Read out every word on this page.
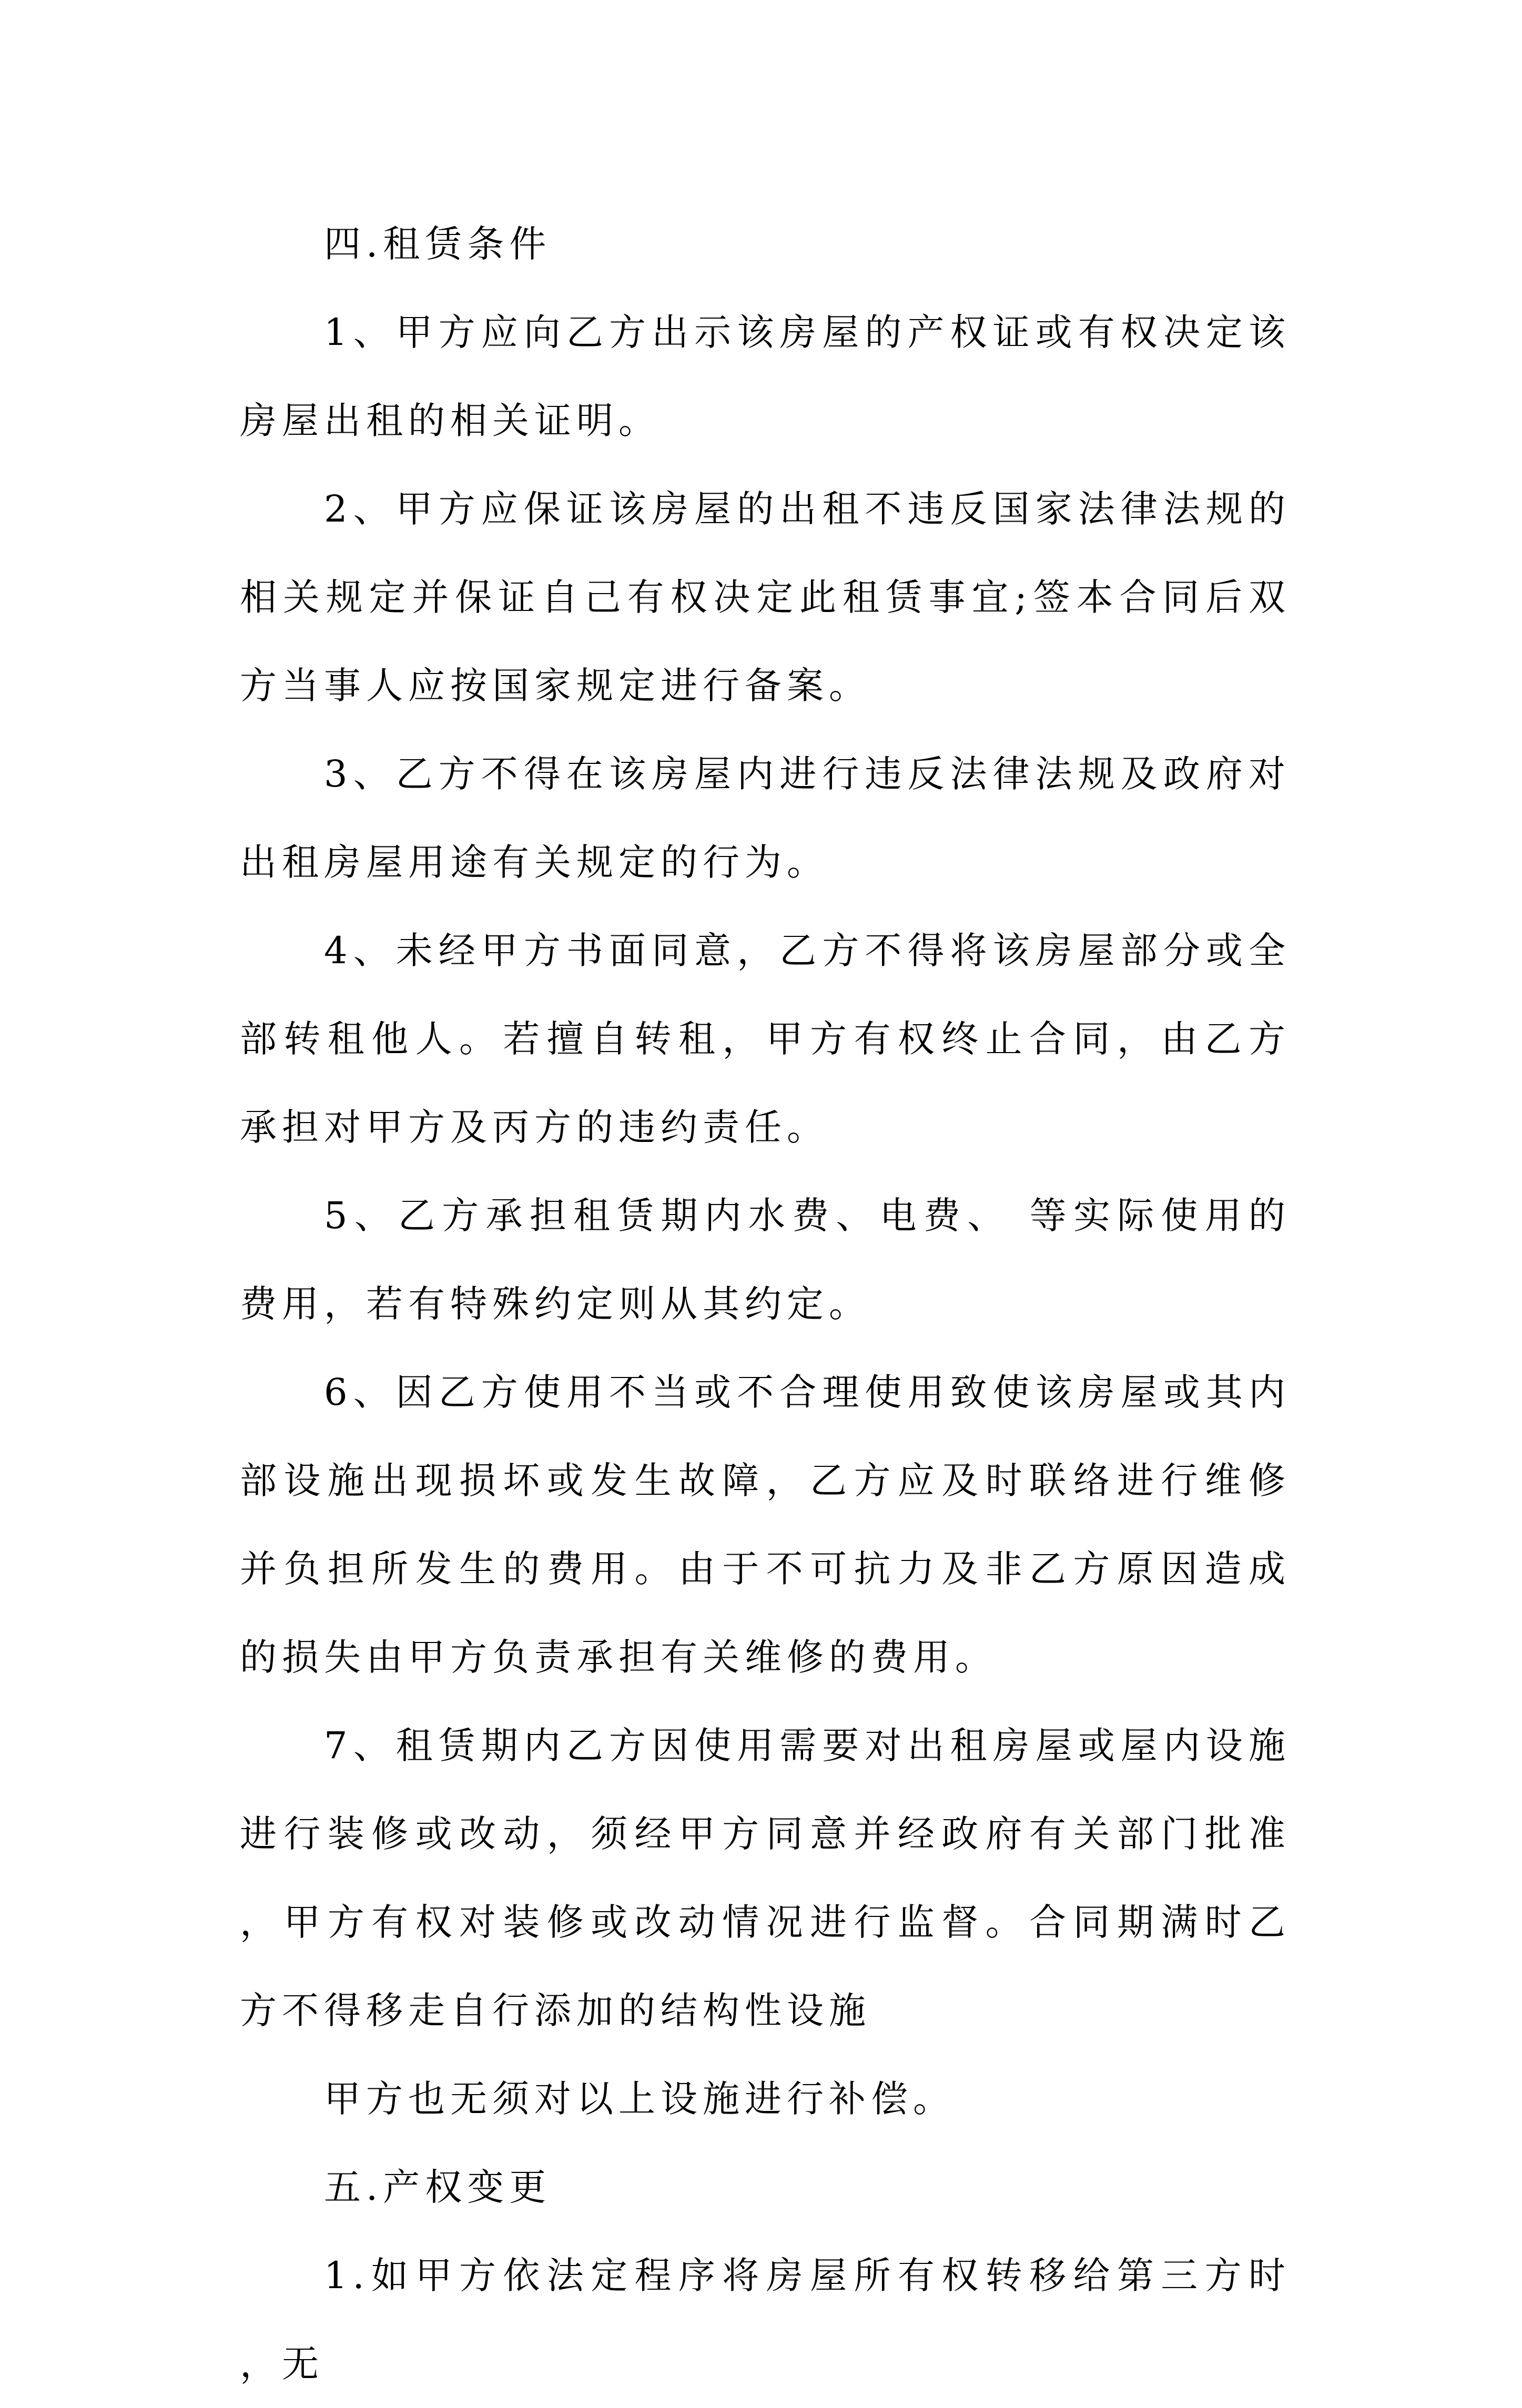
四.租赁条件

1、甲方应向乙方出示该房屋的产权证或有权决定该房屋出租的相关证明。

2、甲方应保证该房屋的出租不违反国家法律法规的相关规定并保证自己有权决定此租赁事宜;签本合同后双方当事人应按国家规定进行备案。

3、乙方不得在该房屋内进行违反法律法规及政府对出租房屋用途有关规定的行为。

4、未经甲方书面同意，乙方不得将该房屋部分或全部转租他人。若擅自转租，甲方有权终止合同，由乙方承担对甲方及丙方的违约责任。

5、乙方承担租赁期内水费、电费、 等实际使用的费用，若有特殊约定则从其约定。

6、因乙方使用不当或不合理使用致使该房屋或其内部设施出现损坏或发生故障，乙方应及时联络进行维修并负担所发生的费用。由于不可抗力及非乙方原因造成的损失由甲方负责承担有关维修的费用。

7、租赁期内乙方因使用需要对出租房屋或屋内设施进行装修或改动，须经甲方同意并经政府有关部门批准，甲方有权对装修或改动情况进行监督。合同期满时乙方不得移走自行添加的结构性设施

甲方也无须对以上设施进行补偿。

五.产权变更

1.如甲方依法定程序将房屋所有权转移给第三方时，无
